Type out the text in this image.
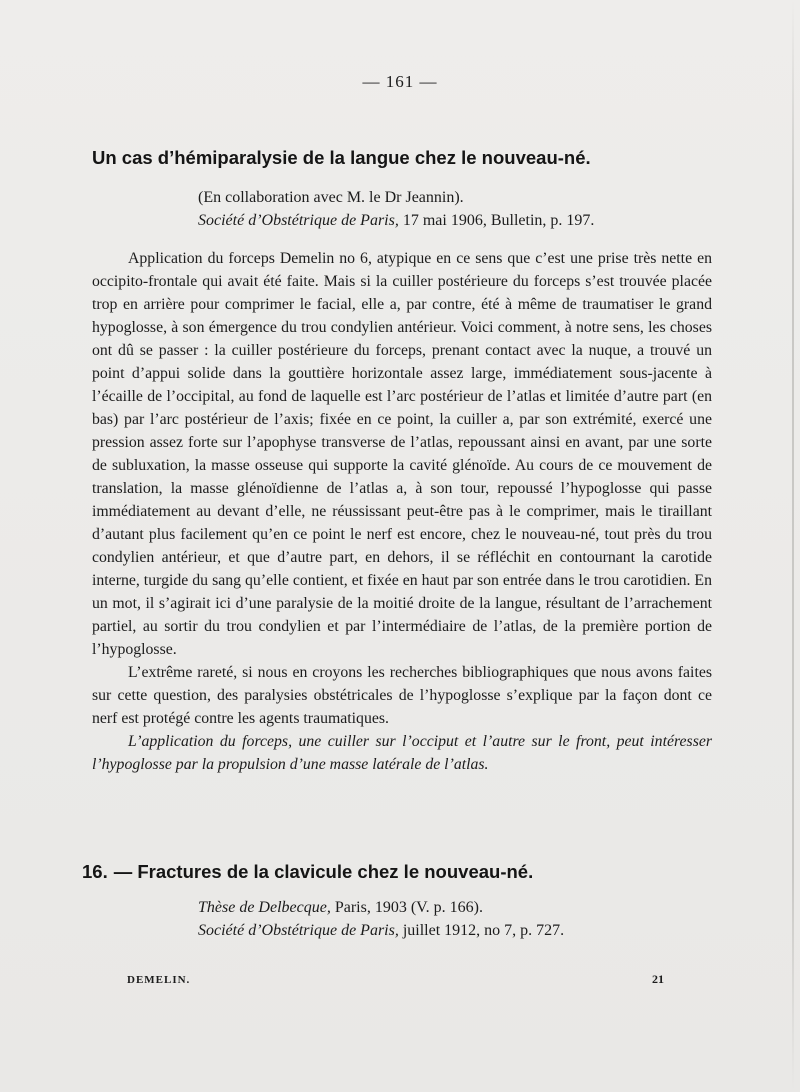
— 161 —
Un cas d’hémiparalysie de la langue chez le nouveau-né.
(En collaboration avec M. le Dr Jeannin).
Société d’Obstétrique de Paris, 17 mai 1906, Bulletin, p. 197.

Application du forceps Demelin no 6, atypique en ce sens que c’est une prise très nette en occipito-frontale qui avait été faite. Mais si la cuiller postérieure du forceps s’est trouvée placée trop en arrière pour comprimer le facial, elle a, par contre, été à même de traumatiser le grand hypoglosse, à son émergence du trou condylien antérieur. Voici comment, à notre sens, les choses ont dû se passer : la cuiller postérieure du forceps, prenant contact avec la nuque, a trouvé un point d’appui solide dans la gouttière horizontale assez large, immédiatement sous-jacente à l’écaille de l’occipital, au fond de laquelle est l’arc postérieur de l’atlas et limitée d’autre part (en bas) par l’arc postérieur de l’axis; fixée en ce point, la cuiller a, par son extrémité, exercé une pression assez forte sur l’apophyse transverse de l’atlas, repoussant ainsi en avant, par une sorte de subluxation, la masse osseuse qui supporte la cavité glénoïde. Au cours de ce mouvement de translation, la masse glénoïdienne de l’atlas a, à son tour, repoussé l’hypoglosse qui passe immédiatement au devant d’elle, ne réussissant peut-être pas à le comprimer, mais le tiraillant d’autant plus facilement qu’en ce point le nerf est encore, chez le nouveau-né, tout près du trou condylien antérieur, et que d’autre part, en dehors, il se réfléchit en contournant la carotide interne, turgide du sang qu’elle contient, et fixée en haut par son entrée dans le trou carotidien. En un mot, il s’agirait ici d’une paralysie de la moitié droite de la langue, résultant de l’arrachement partiel, au sortir du trou condylien et par l’intermédiaire de l’atlas, de la première portion de l’hypoglosse.

L’extrême rareté, si nous en croyons les recherches bibliographiques que nous avons faites sur cette question, des paralysies obstétricales de l’hypoglosse s’explique par la façon dont ce nerf est protégé contre les agents traumatiques.

L’application du forceps, une cuiller sur l’occiput et l’autre sur le front, peut intéresser l’hypoglosse par la propulsion d’une masse latérale de l’atlas.

16. — Fractures de la clavicule chez le nouveau-né.
Thèse de Delbecque, Paris, 1903 (V. p. 166).
Société d’Obstétrique de Paris, juillet 1912, no 7, p. 727.
DEMELIN.	21
